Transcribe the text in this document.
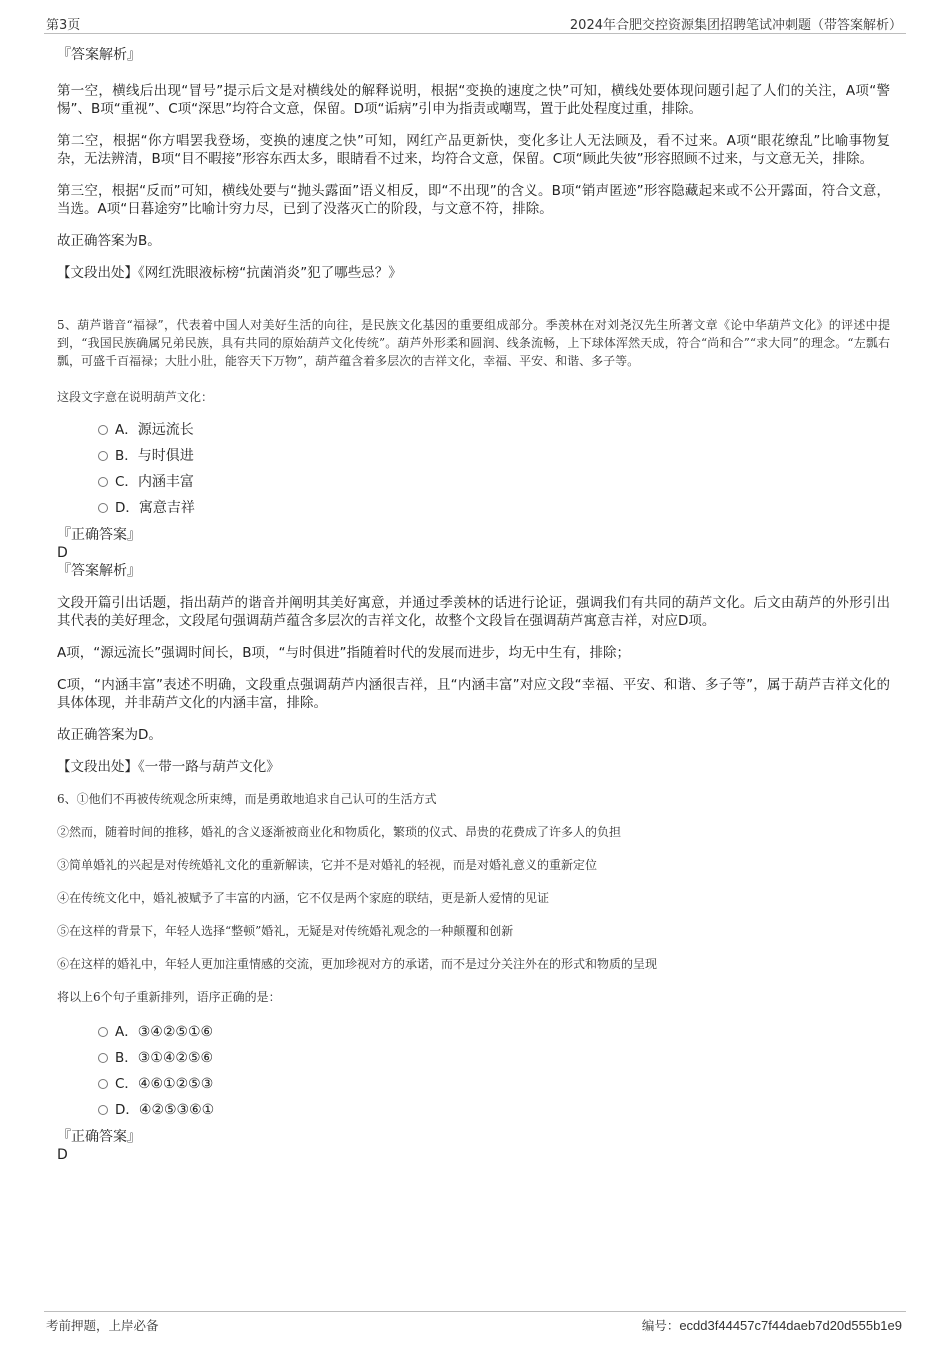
第3页	2024年合肥交控资源集团招聘笔试冲刺题（带答案解析）

『答案解析』

第一空，横线后出现“冒号”提示后文是对横线处的解释说明，根据“变换的速度之快”可知，横线处要体现问题引起了人们的关注，A项“警惕”、B项“重视”、C项“深思”均符合文意，保留。D项“诟病”引申为指责或嘲骂，置于此处程度过重，排除。

第二空，根据“你方唱罢我登场，变换的速度之快”可知，网红产品更新快，变化多让人无法顾及，看不过来。A项“眼花缭乱”比喻事物复杂，无法辨清，B项“目不暇接”形容东西太多，眼睛看不过来，均符合文意，保留。C项“顾此失彼”形容照顾不过来，与文意无关，排除。

第三空，根据“反而”可知，横线处要与“抛头露面”语义相反，即“不出现”的含义。B项“销声匿迹”形容隐藏起来或不公开露面，符合文意，当选。A项“日暮途穷”比喻计穷力尽，已到了没落灭亡的阶段，与文意不符，排除。

故正确答案为B。

【文段出处】《网红洗眼液标榜“抗菌消炎”犯了哪些忌？》

5、葫芦谐音“福禄”，代表着中国人对美好生活的向往，是民族文化基因的重要组成部分。季羡林在对刘尧汉先生所著文章《论中华葫芦文化》的评述中提到，“我国民族确属兄弟民族，具有共同的原始葫芦文化传统”。葫芦外形柔和圆润、线条流畅，上下球体浑然天成，符合“尚和合”“求大同”的理念。“左瓢右瓢，可盛千百福禄；大肚小肚，能容天下万物”，葫芦蕴含着多层次的吉祥文化，幸福、平安、和谐、多子等。

这段文字意在说明葫芦文化：

A．源远流长
B．与时俱进
C．内涵丰富
D．寓意吉祥

『正确答案』

D

『答案解析』

文段开篇引出话题，指出葫芦的谐音并阐明其美好寓意，并通过季羡林的话进行论证，强调我们有共同的葫芦文化。后文由葫芦的外形引出其代表的美好理念，文段尾句强调葫芦蕴含多层次的吉祥文化，故整个文段旨在强调葫芦寓意吉祥，对应D项。

A项，“源远流长”强调时间长，B项，“与时俱进”指随着时代的发展而进步，均无中生有，排除；

C项，“内涵丰富”表述不明确，文段重点强调葫芦内涵很吉祥，且“内涵丰富”对应文段“幸福、平安、和谐、多子等”，属于葫芦吉祥文化的具体体现，并非葫芦文化的内涵丰富，排除。

故正确答案为D。

【文段出处】《一带一路与葫芦文化》

6、①他们不再被传统观念所束缚，而是勇敢地追求自己认可的生活方式

②然而，随着时间的推移，婚礼的含义逐渐被商业化和物质化，繁琐的仪式、昂贵的花费成了许多人的负担

③简单婚礼的兴起是对传统婚礼文化的重新解读，它并不是对婚礼的轻视，而是对婚礼意义的重新定位

④在传统文化中，婚礼被赋予了丰富的内涵，它不仅是两个家庭的联结，更是新人爱情的见证

⑤在这样的背景下，年轻人选择“整顿”婚礼，无疑是对传统婚礼观念的一种颠覆和创新

⑥在这样的婚礼中，年轻人更加注重情感的交流，更加珍视对方的承诺，而不是过分关注外在的形式和物质的呈现

将以上6个句子重新排列，语序正确的是：

A．③④②⑤①⑥
B．③①④②⑤⑥
C．④⑥①②⑤③
D．④②⑤③⑥①

『正确答案』

D

考前押题，上岸必备	编号：ecdd3f44457c7f44daeb7d20d555b1e9
